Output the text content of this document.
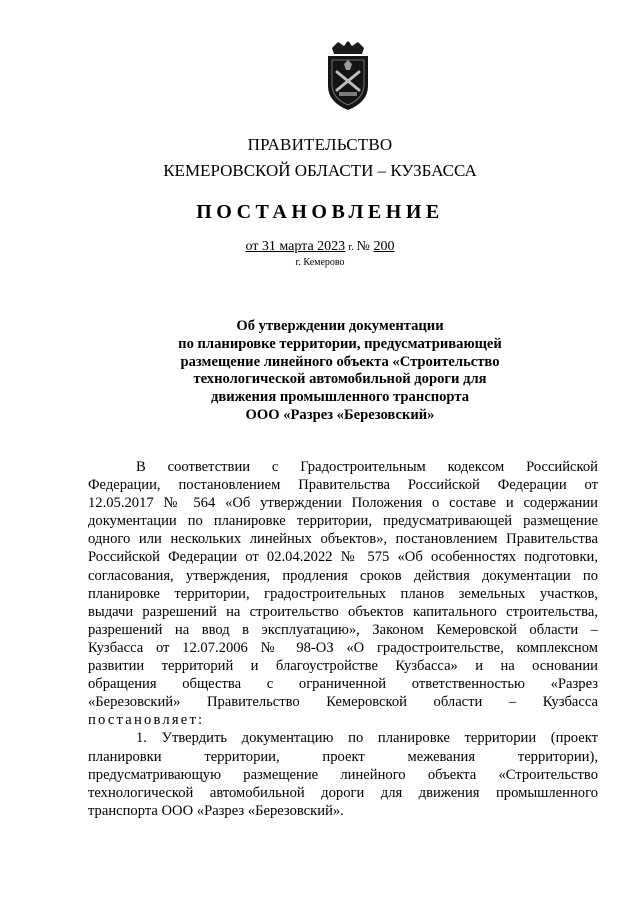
ПРАВИТЕЛЬСТВО
КЕМЕРОВСКОЙ ОБЛАСТИ – КУЗБАССА
ПОСТАНОВЛЕНИЕ
от 31 марта 2023 г. № 200
г. Кемерово
Об утверждении документации
по планировке территории, предусматривающей
размещение линейного объекта «Строительство
технологической автомобильной дороги для
движения промышленного транспорта
ООО «Разрез «Березовский»
В соответствии с Градостроительным кодексом Российской
Федерации, постановлением Правительства Российской Федерации от
12.05.2017 № 564 «Об утверждении Положения о составе и содержании
документации по планировке территории, предусматривающей размещение
одного или нескольких линейных объектов», постановлением Правительства
Российской Федерации от 02.04.2022 № 575 «Об особенностях подготовки,
согласования, утверждения, продления сроков действия документации по
планировке территории, градостроительных планов земельных участков,
выдачи разрешений на строительство объектов капитального строительства,
разрешений на ввод в эксплуатацию», Законом Кемеровской области –
Кузбасса от 12.07.2006 № 98-ОЗ «О градостроительстве, комплексном
развитии территорий и благоустройстве Кузбасса» и на основании
обращения общества с ограниченной ответственностью «Разрез
«Березовский» Правительство Кемеровской области – Кузбасса
постановляет:
1. Утвердить документацию по планировке территории (проект
планировки территории, проект межевания территории),
предусматривающую размещение линейного объекта «Строительство
технологической автомобильной дороги для движения промышленного
транспорта ООО «Разрез «Березовский».
